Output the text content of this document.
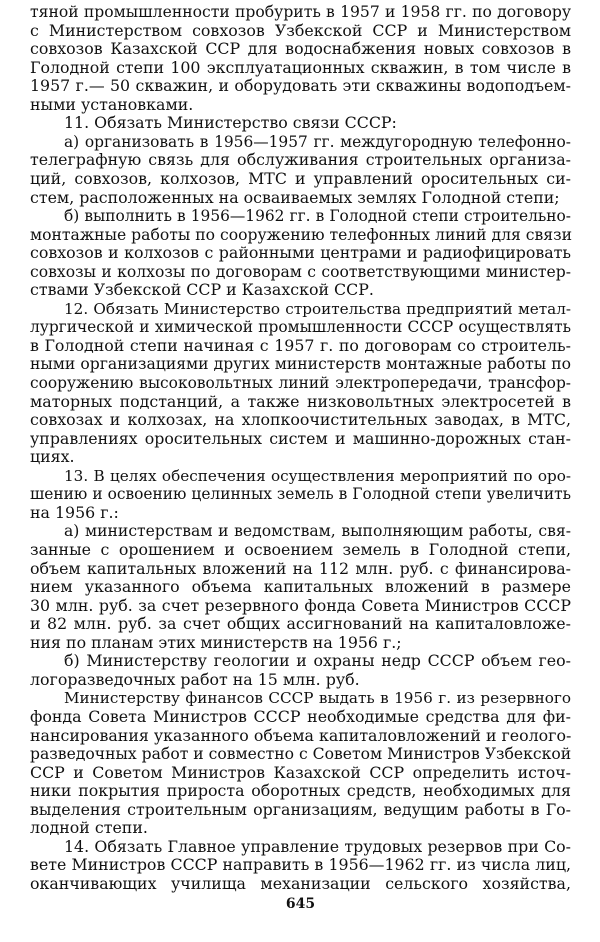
тяной промышленности пробурить в 1957 и 1958 гг. по договору
с Министерством совхозов Узбекской ССР и Министерством
совхозов Казахской ССР для водоснабжения новых совхозов в
Голодной степи 100 эксплуатационных скважин, в том числе в
1957 г.— 50 скважин, и оборудовать эти скважины водоподъем-
ными установками.
11. Обязать Министерство связи СССР:
а) организовать в 1956—1957 гг. междугородную телефонно-
телеграфную связь для обслуживания строительных организа-
ций, совхозов, колхозов, МТС и управлений оросительных си-
стем, расположенных на осваиваемых землях Голодной степи;
б) выполнить в 1956—1962 гг. в Голодной степи строительно-
монтажные работы по сооружению телефонных линий для связи
совхозов и колхозов с районными центрами и радиофицировать
совхозы и колхозы по договорам с соответствующими министер-
ствами Узбекской ССР и Казахской ССР.
12. Обязать Министерство строительства предприятий метал-
лургической и химической промышленности СССР осуществлять
в Голодной степи начиная с 1957 г. по договорам со строитель-
ными организациями других министерств монтажные работы по
сооружению высоковольтных линий электропередачи, трансфор-
маторных подстанций, а также низковольтных электросетей в
совхозах и колхозах, на хлопкоочистительных заводах, в МТС,
управлениях оросительных систем и машинно-дорожных стан-
циях.
13. В целях обеспечения осуществления мероприятий по оро-
шению и освоению целинных земель в Голодной степи увеличить
на 1956 г.:
а) министерствам и ведомствам, выполняющим работы, свя-
занные с орошением и освоением земель в Голодной степи,
объем капитальных вложений на 112 млн. руб. с финансирова-
нием указанного объема капитальных вложений в размере
30 млн. руб. за счет резервного фонда Совета Министров СССР
и 82 млн. руб. за счет общих ассигнований на капиталовложе-
ния по планам этих министерств на 1956 г.;
б) Министерству геологии и охраны недр СССР объем гео-
логоразведочных работ на 15 млн. руб.
Министерству финансов СССР выдать в 1956 г. из резервного
фонда Совета Министров СССР необходимые средства для фи-
нансирования указанного объема капиталовложений и геолого-
разведочных работ и совместно с Советом Министров Узбекской
ССР и Советом Министров Казахской ССР определить источ-
ники покрытия прироста оборотных средств, необходимых для
выделения строительным организациям, ведущим работы в Го-
лодной степи.
14. Обязать Главное управление трудовых резервов при Со-
вете Министров СССР направить в 1956—1962 гг. из числа лиц,
оканчивающих училища механизации сельского хозяйства,
645
